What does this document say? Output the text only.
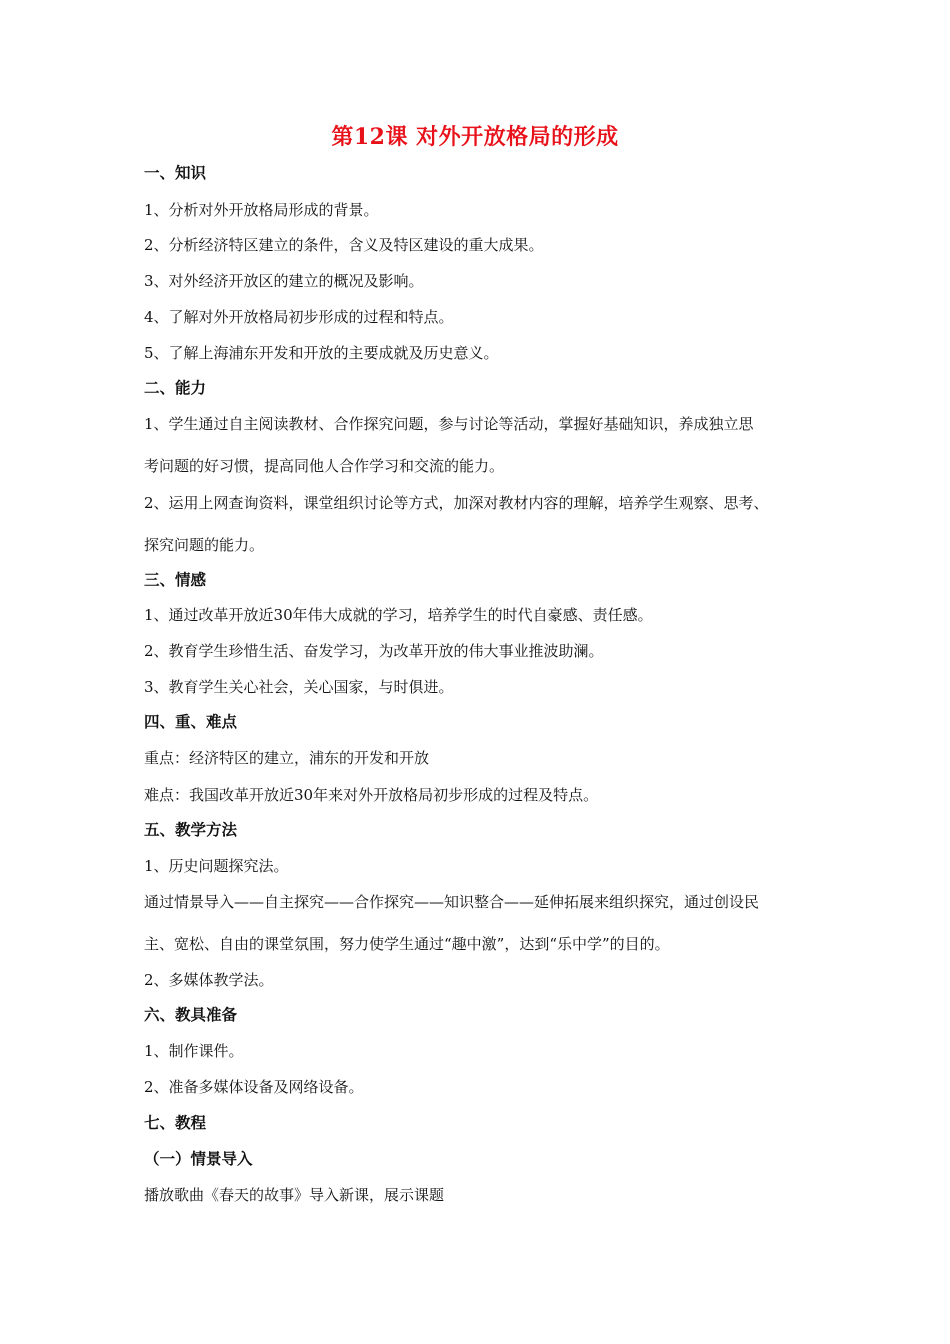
第12课 对外开放格局的形成
一、知识
1、分析对外开放格局形成的背景。
2、分析经济特区建立的条件，含义及特区建设的重大成果。
3、对外经济开放区的建立的概况及影响。
4、了解对外开放格局初步形成的过程和特点。
5、了解上海浦东开发和开放的主要成就及历史意义。
二、能力
1、学生通过自主阅读教材、合作探究问题，参与讨论等活动，掌握好基础知识，养成独立思
考问题的好习惯，提高同他人合作学习和交流的能力。
2、运用上网查询资料，课堂组织讨论等方式，加深对教材内容的理解，培养学生观察、思考、
探究问题的能力。
三、情感
1、通过改革开放近30年伟大成就的学习，培养学生的时代自豪感、责任感。
2、教育学生珍惜生活、奋发学习，为改革开放的伟大事业推波助澜。
3、教育学生关心社会，关心国家，与时俱进。
四、重、难点
重点：经济特区的建立，浦东的开发和开放
难点：我国改革开放近30年来对外开放格局初步形成的过程及特点。
五、教学方法
1、历史问题探究法。
通过情景导入——自主探究——合作探究——知识整合——延伸拓展来组织探究，通过创设民
主、宽松、自由的课堂氛围，努力使学生通过“趣中激”，达到“乐中学”的目的。
2、多媒体教学法。
六、教具准备
1、制作课件。
2、准备多媒体设备及网络设备。
七、教程
（一）情景导入
播放歌曲《春天的故事》导入新课，展示课题
